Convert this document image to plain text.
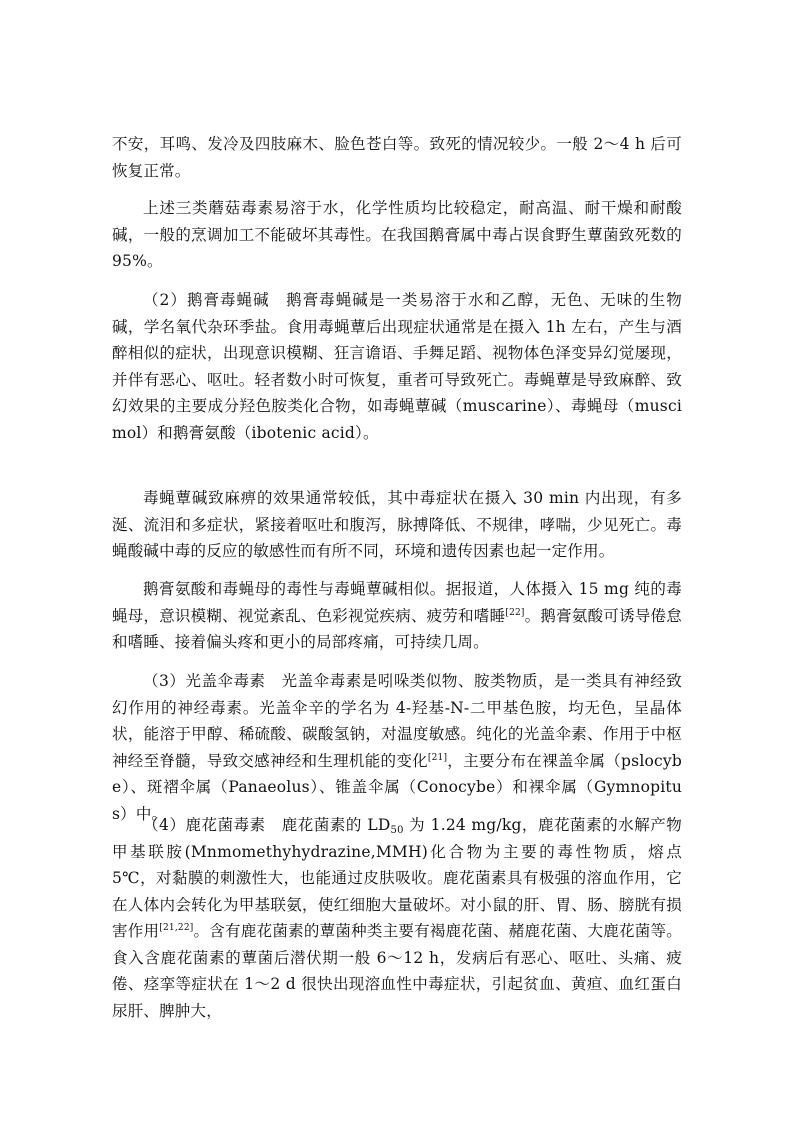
不安，耳鸣、发冷及四肢麻木、脸色苍白等。致死的情况较少。一般 2～4 h 后可恢复正常。

上述三类蘑菇毒素易溶于水，化学性质均比较稳定，耐高温、耐干燥和耐酸碱，一般的烹调加工不能破坏其毒性。在我国鹅膏属中毒占误食野生蕈菌致死数的 95%。

（2）鹅膏毒蝇碱　鹅膏毒蝇碱是一类易溶于水和乙醇，无色、无味的生物碱，学名氧代杂环季盐。食用毒蝇蕈后出现症状通常是在摄入 1h 左右，产生与酒醉相似的症状，出现意识模糊、狂言谵语、手舞足蹈、视物体色泽变异幻觉屡现，并伴有恶心、呕吐。轻者数小时可恢复，重者可导致死亡。毒蝇蕈是导致麻醉、致幻效果的主要成分羟色胺类化合物，如毒蝇蕈碱（muscarine）、毒蝇母（muscimol）和鹅膏氨酸（ibotenic acid）。

毒蝇蕈碱致麻痹的效果通常较低，其中毒症状在摄入 30 min 内出现，有多涎、流泪和多症状，紧接着呕吐和腹泻，脉搏降低、不规律，哮喘，少见死亡。毒蝇酸碱中毒的反应的敏感性而有所不同，环境和遗传因素也起一定作用。

鹅膏氨酸和毒蝇母的毒性与毒蝇蕈碱相似。据报道，人体摄入 15 mg 纯的毒蝇母，意识模糊、视觉紊乱、色彩视觉疾病、疲劳和嗜睡[22]。鹅膏氨酸可诱导倦怠和嗜睡、接着偏头疼和更小的局部疼痛，可持续几周。

（3）光盖伞毒素　光盖伞毒素是吲哚类似物、胺类物质，是一类具有神经致幻作用的神经毒素。光盖伞辛的学名为 4-羟基-N-二甲基色胺，均无色，呈晶体状，能溶于甲醇、稀硫酸、碳酸氢钠，对温度敏感。纯化的光盖伞素、作用于中枢神经至脊髓，导致交感神经和生理机能的变化[21]，主要分布在裸盖伞属（pslocybe）、斑褶伞属（Panaeolus）、锥盖伞属（Conocybe）和裸伞属（Gymnopitus）中。

（4）鹿花菌毒素　鹿花菌素的 $LD_{50}$ 为 1.24 mg/kg，鹿花菌素的水解产物甲基联胺(Mnmomethyhydrazine,MMH)化合物为主要的毒性物质，熔点 5℃，对黏膜的刺激性大，也能通过皮肤吸收。鹿花菌素具有极强的溶血作用，它在人体内会转化为甲基联氨，使红细胞大量破坏。对小鼠的肝、胃、肠、膀胱有损害作用[21,22]。含有鹿花菌素的蕈菌种类主要有褐鹿花菌、赭鹿花菌、大鹿花菌等。食入含鹿花菌素的蕈菌后潜伏期一般 6～12 h，发病后有恶心、呕吐、头痛、疲倦、痉挛等症状在 1～2 d 很快出现溶血性中毒症状，引起贫血、黄疸、血红蛋白尿肝、脾肿大，
